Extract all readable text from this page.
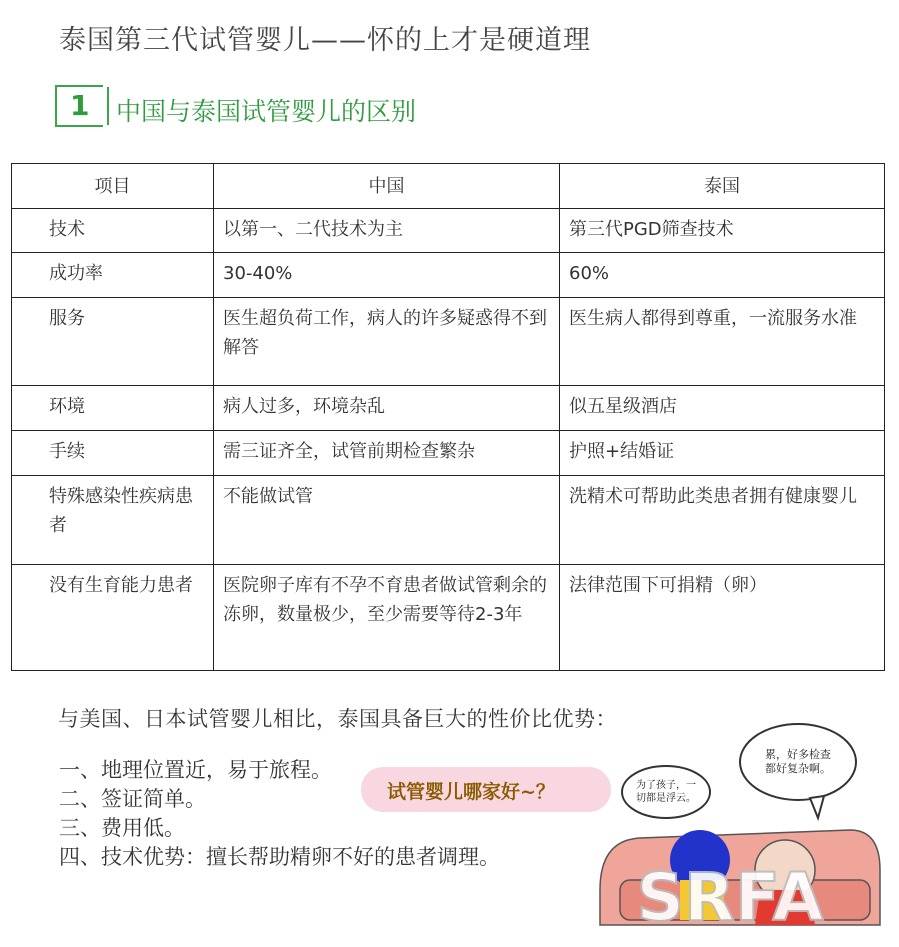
泰国第三代试管婴儿——怀的上才是硬道理
1 中国与泰国试管婴儿的区别
项目	中国	泰国
技术	以第一、二代技术为主	第三代PGD筛查技术
成功率	30-40%	60%
服务	医生超负荷工作，病人的许多疑惑得不到解答	医生病人都得到尊重，一流服务水准
环境	病人过多，环境杂乱	似五星级酒店
手续	需三证齐全，试管前期检查繁杂	护照+结婚证
特殊感染性疾病患者	不能做试管	洗精术可帮助此类患者拥有健康婴儿
没有生育能力患者	医院卵子库有不孕不育患者做试管剩余的冻卵，数量极少，至少需要等待2-3年	法律范围下可捐精（卵）
与美国、日本试管婴儿相比，泰国具备巨大的性价比优势：
一、地理位置近，易于旅程。
二、签证简单。
三、费用低。
四、技术优势：擅长帮助精卵不好的患者调理。
试管婴儿哪家好~？
累，好多检查都好复杂啊。
为了孩子，一切都是浮云。
SRFA
